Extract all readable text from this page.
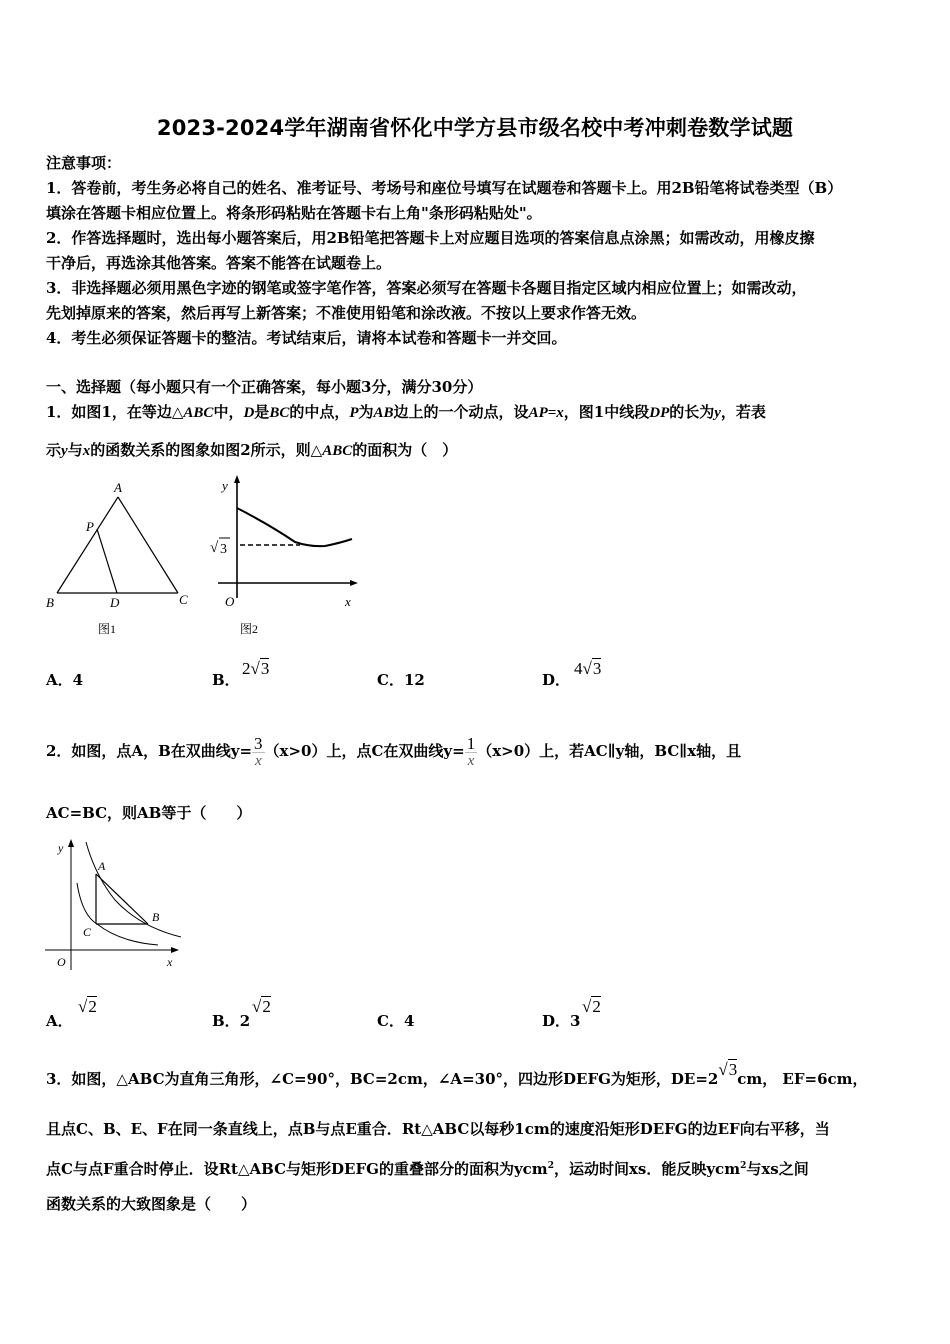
2023-2024学年湖南省怀化中学方县市级名校中考冲刺卷数学试题
注意事项：
1．答卷前，考生务必将自己的姓名、准考证号、考场号和座位号填写在试题卷和答题卡上。用2B铅笔将试卷类型（B）
填涂在答题卡相应位置上。将条形码粘贴在答题卡右上角"条形码粘贴处"。
2．作答选择题时，选出每小题答案后，用2B铅笔把答题卡上对应题目选项的答案信息点涂黑；如需改动，用橡皮擦
干净后，再选涂其他答案。答案不能答在试题卷上。
3．非选择题必须用黑色字迹的钢笔或签字笔作答，答案必须写在答题卡各题目指定区域内相应位置上；如需改动，
先划掉原来的答案，然后再写上新答案；不准使用铅笔和涂改液。不按以上要求作答无效。
4．考生必须保证答题卡的整洁。考试结束后，请将本试卷和答题卡一并交回。
一、选择题（每小题只有一个正确答案，每小题3分，满分30分）
1．如图1，在等边△ABC中，D是BC的中点，P为AB边上的一个动点，设AP=x，图1中线段DP的长为y，若表
示y与x的函数关系的图象如图2所示，则△ABC的面积为（　）
A
P
B	D	C
图1
y
x
O
√ 3
图2
A．4	B．
2√3
C．12	D．
4√3
2．如图，点A，B在双曲线$y= \frac{3}{x} (x>0)$上，点C在双曲线$y= \frac{1}{x} (x>0)$上，若AC∥y轴，BC∥x轴，且
AC=BC，则AB等于（　　）
y
x
O
A
B
C
A．
√2
B．2
√2
C．4	D．3
√2
3．如图，△ABC为直角三角形，∠C=90°，BC=2cm，∠A=30°，四边形DEFG为矩形，DE=2√3cm， EF=6cm，
且点C、B、E、F在同一条直线上，点B与点E重合．Rt△ABC以每秒1cm的速度沿矩形DEFG的边EF向右平移，当
点C与点F重合时停止．设Rt△ABC与矩形DEFG的重叠部分的面积为ycm$^2$，运动时间xs．能反映ycm$^2$与xs之间
函数关系的大致图象是（　　）
